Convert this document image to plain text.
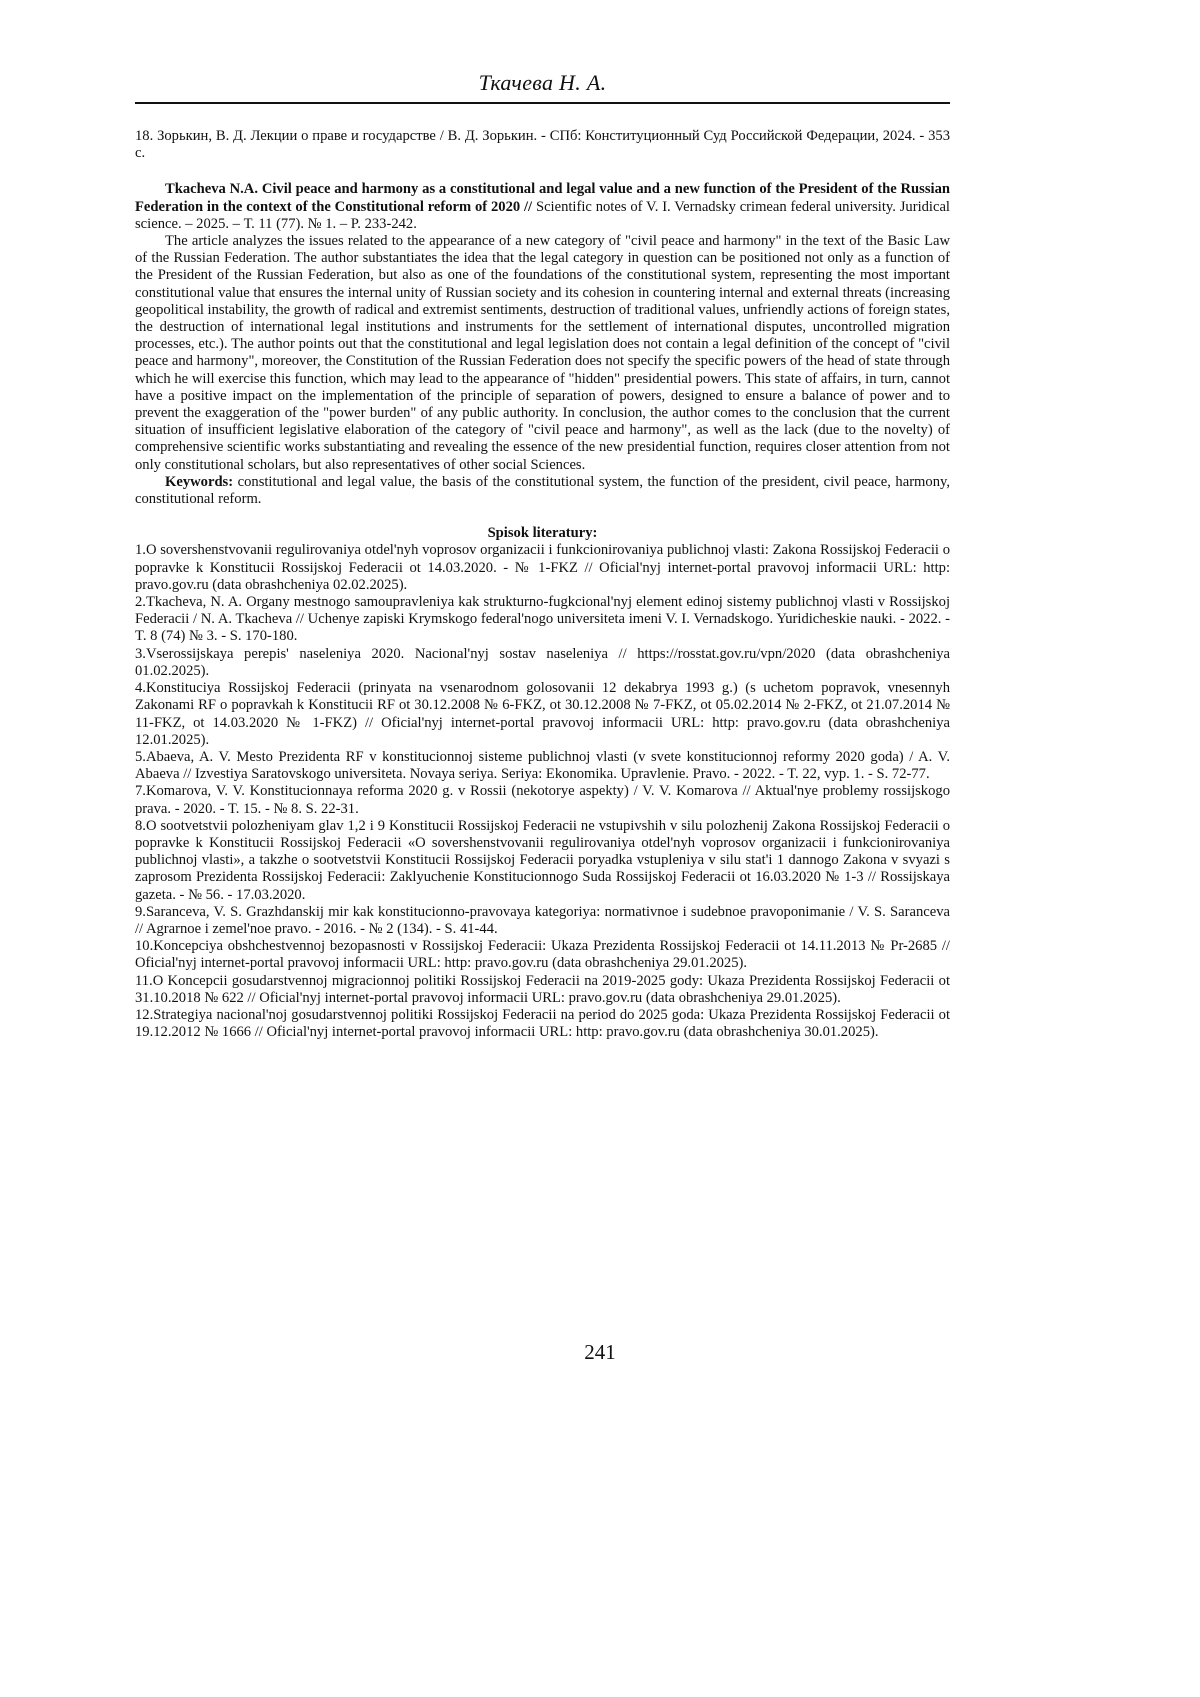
Ткачева Н. А.

18. Зорькин, В. Д. Лекции о праве и государстве / В. Д. Зорькин. - СПб: Конституционный Суд Российской Федерации, 2024. - 353 с.

Tkacheva N.A. Civil peace and harmony as a constitutional and legal value and a new function of the President of the Russian Federation in the context of the Constitutional reform of 2020 // Scientific notes of V. I. Vernadsky crimean federal university. Juridical science. – 2025. – Т. 11 (77). № 1. – P. 233-242.

The article analyzes the issues related to the appearance of a new category of "civil peace and harmony" in the text of the Basic Law of the Russian Federation. The author substantiates the idea that the legal category in question can be positioned not only as a function of the President of the Russian Federation, but also as one of the foundations of the constitutional system, representing the most important constitutional value that ensures the internal unity of Russian society and its cohesion in countering internal and external threats (increasing geopolitical instability, the growth of radical and extremist sentiments, destruction of traditional values, unfriendly actions of foreign states, the destruction of international legal institutions and instruments for the settlement of international disputes, uncontrolled migration processes, etc.). The author points out that the constitutional and legal legislation does not contain a legal definition of the concept of "civil peace and harmony", moreover, the Constitution of the Russian Federation does not specify the specific powers of the head of state through which he will exercise this function, which may lead to the appearance of "hidden" presidential powers. This state of affairs, in turn, cannot have a positive impact on the implementation of the principle of separation of powers, designed to ensure a balance of power and to prevent the exaggeration of the "power burden" of any public authority. In conclusion, the author comes to the conclusion that the current situation of insufficient legislative elaboration of the category of "civil peace and harmony", as well as the lack (due to the novelty) of comprehensive scientific works substantiating and revealing the essence of the new presidential function, requires closer attention from not only constitutional scholars, but also representatives of other social Sciences.

Keywords: constitutional and legal value, the basis of the constitutional system, the function of the president, civil peace, harmony, constitutional reform.

Spisok literatury:

1.O sovershenstvovanii regulirovaniya otdel'nyh voprosov organizacii i funkcionirovaniya publichnoj vlasti: Zakona Rossijskoj Federacii o popravke k Konstitucii Rossijskoj Federacii ot 14.03.2020. - № 1-FKZ // Oficial'nyj internet-portal pravovoj informacii URL: http: pravo.gov.ru (data obrashcheniya 02.02.2025).

2.Tkacheva, N. A. Organy mestnogo samoupravleniya kak strukturno-fugkcional'nyj element edinoj sistemy publichnoj vlasti v Rossijskoj Federacii / N. A. Tkacheva // Uchenye zapiski Krymskogo federal'nogo universiteta imeni V. I. Vernadskogo. Yuridicheskie nauki. - 2022. - T. 8 (74) № 3. - S. 170-180.

3.Vserossijskaya perepis' naseleniya 2020. Nacional'nyj sostav naseleniya // https://rosstat.gov.ru/vpn/2020 (data obrashcheniya 01.02.2025).

4.Konstituciya Rossijskoj Federacii (prinyata na vsenarodnom golosovanii 12 dekabrya 1993 g.) (s uchetom popravok, vnesennyh Zakonami RF o popravkah k Konstitucii RF ot 30.12.2008 № 6-FKZ, ot 30.12.2008 № 7-FKZ, ot 05.02.2014 № 2-FKZ, ot 21.07.2014 № 11-FKZ, ot 14.03.2020 № 1-FKZ) // Oficial'nyj internet-portal pravovoj informacii URL: http: pravo.gov.ru (data obrashcheniya 12.01.2025).

5.Abaeva, A. V. Mesto Prezidenta RF v konstitucionnoj sisteme publichnoj vlasti (v svete konstitucionnoj reformy 2020 goda) / A. V. Abaeva // Izvestiya Saratovskogo universiteta. Novaya seriya. Seriya: Ekonomika. Upravlenie. Pravo. - 2022. - T. 22, vyp. 1. - S. 72-77.

7.Komarova, V. V. Konstitucionnaya reforma 2020 g. v Rossii (nekotorye aspekty) / V. V. Komarova // Aktual'nye problemy rossijskogo prava. - 2020. - T. 15. - № 8. S. 22-31.

8.O sootvetstvii polozheniyam glav 1,2 i 9 Konstitucii Rossijskoj Federacii ne vstupivshih v silu polozhenij Zakona Rossijskoj Federacii o popravke k Konstitucii Rossijskoj Federacii «O sovershenstvovanii regulirovaniya otdel'nyh voprosov organizacii i funkcionirovaniya publichnoj vlasti», a takzhe o sootvetstvii Konstitucii Rossijskoj Federacii poryadka vstupleniya v silu stat'i 1 dannogo Zakona v svyazi s zaprosom Prezidenta Rossijskoj Federacii: Zaklyuchenie Konstitucionnogo Suda Rossijskoj Federacii ot 16.03.2020 № 1-3 // Rossijskaya gazeta. - № 56. - 17.03.2020.

9.Saranceva, V. S. Grazhdanskij mir kak konstitucionno-pravovaya kategoriya: normativnoe i sudebnoe pravoponimanie / V. S. Saranceva // Agrarnoe i zemel'noe pravo. - 2016. - № 2 (134). - S. 41-44.

10.Koncepciya obshchestvennoj bezopasnosti v Rossijskoj Federacii: Ukaza Prezidenta Rossijskoj Federacii ot 14.11.2013 № Pr-2685 // Oficial'nyj internet-portal pravovoj informacii URL: http: pravo.gov.ru (data obrashcheniya 29.01.2025).

11.O Koncepcii gosudarstvennoj migracionnoj politiki Rossijskoj Federacii na 2019-2025 gody: Ukaza Prezidenta Rossijskoj Federacii ot 31.10.2018 № 622 // Oficial'nyj internet-portal pravovoj informacii URL: pravo.gov.ru (data obrashcheniya 29.01.2025).

12.Strategiya nacional'noj gosudarstvennoj politiki Rossijskoj Federacii na period do 2025 goda: Ukaza Prezidenta Rossijskoj Federacii ot 19.12.2012 № 1666 // Oficial'nyj internet-portal pravovoj informacii URL: http: pravo.gov.ru (data obrashcheniya 30.01.2025).

241
